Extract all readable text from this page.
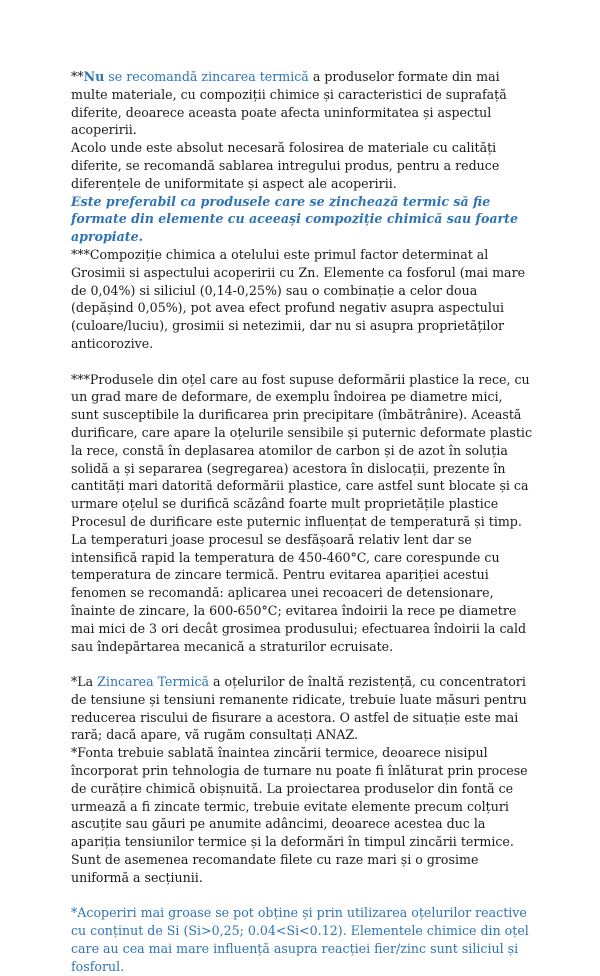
**Nu se recomandă zincarea termică a produselor formate din mai multe materiale, cu compoziții chimice și caracteristici de suprafață diferite, deoarece aceasta poate afecta uninformitatea și aspectul acoperirii.

Acolo unde este absolut necesară folosirea de materiale cu calități diferite, se recomandă sablarea intregului produs, pentru a reduce diferențele de uniformitate și aspect ale acoperirii.

Este preferabil ca produsele care se zinchează termic să fie formate din elemente cu aceeași compoziție chimică sau foarte apropiate.

***Compoziție chimica a otelului este primul factor determinat al Grosimii si aspectului acoperirii cu Zn. Elemente ca fosforul (mai mare de 0,04%) si siliciul (0,14-0,25%) sau o combinație a celor doua (depășind 0,05%), pot avea efect profund negativ asupra aspectului (culoare/luciu), grosimii si netezimii, dar nu si asupra proprietăților anticorozive.

***Produsele din oțel care au fost supuse deformării plastice la rece, cu un grad mare de deformare, de exemplu îndoirea pe diametre mici, sunt susceptibile la durificarea prin precipitare (îmbătrânire). Această durificare, care apare la oțelurile sensibile și puternic deformate plastic la rece, constă în deplasarea atomilor de carbon și de azot în soluția solidă a și separarea (segregarea) acestora în dislocații, prezente în cantități mari datorită deformării plastice, care astfel sunt blocate și ca urmare oțelul se durifică scăzând foarte mult proprietățile plastice

Procesul de durificare este puternic influențat de temperatură și timp. La temperaturi joase procesul se desfășoară relativ lent dar se intensifică rapid la temperatura de 450-460°C, care corespunde cu temperatura de zincare termică. Pentru evitarea apariției acestui fenomen se recomandă: aplicarea unei recoaceri de detensionare, înainte de zincare, la 600-650°C; evitarea îndoirii la rece pe diametre mai mici de 3 ori decât grosimea produsului; efectuarea îndoirii la cald sau îndepărtarea mecanică a straturilor ecruisate.

*La Zincarea Termică a oțelurilor de înaltă rezistență, cu concentratori de tensiune și tensiuni remanente ridicate, trebuie luate măsuri pentru reducerea riscului de fisurare a acestora. O astfel de situație este mai rară; dacă apare, vă rugăm consultați ANAZ.

*Fonta trebuie sablată înaintea zincării termice, deoarece nisipul încorporat prin tehnologia de turnare nu poate fi înlăturat prin procese de curățire chimică obișnuită. La proiectarea produselor din fontă ce urmează a fi zincate termic, trebuie evitate elemente precum colțuri ascuțite sau găuri pe anumite adâncimi, deoarece acestea duc la apariția tensiunilor termice și la deformări în timpul zincării termice. Sunt de asemenea recomandate filete cu raze mari și o grosime uniformă a secțiunii.

*Acoperiri mai groase se pot obține și prin utilizarea oțelurilor reactive cu conținut de Si (Si>0,25; 0.04<Si<0.12). Elementele chimice din oțel care au cea mai mare influență asupra reacției fier/zinc sunt siliciul și fosforul.
